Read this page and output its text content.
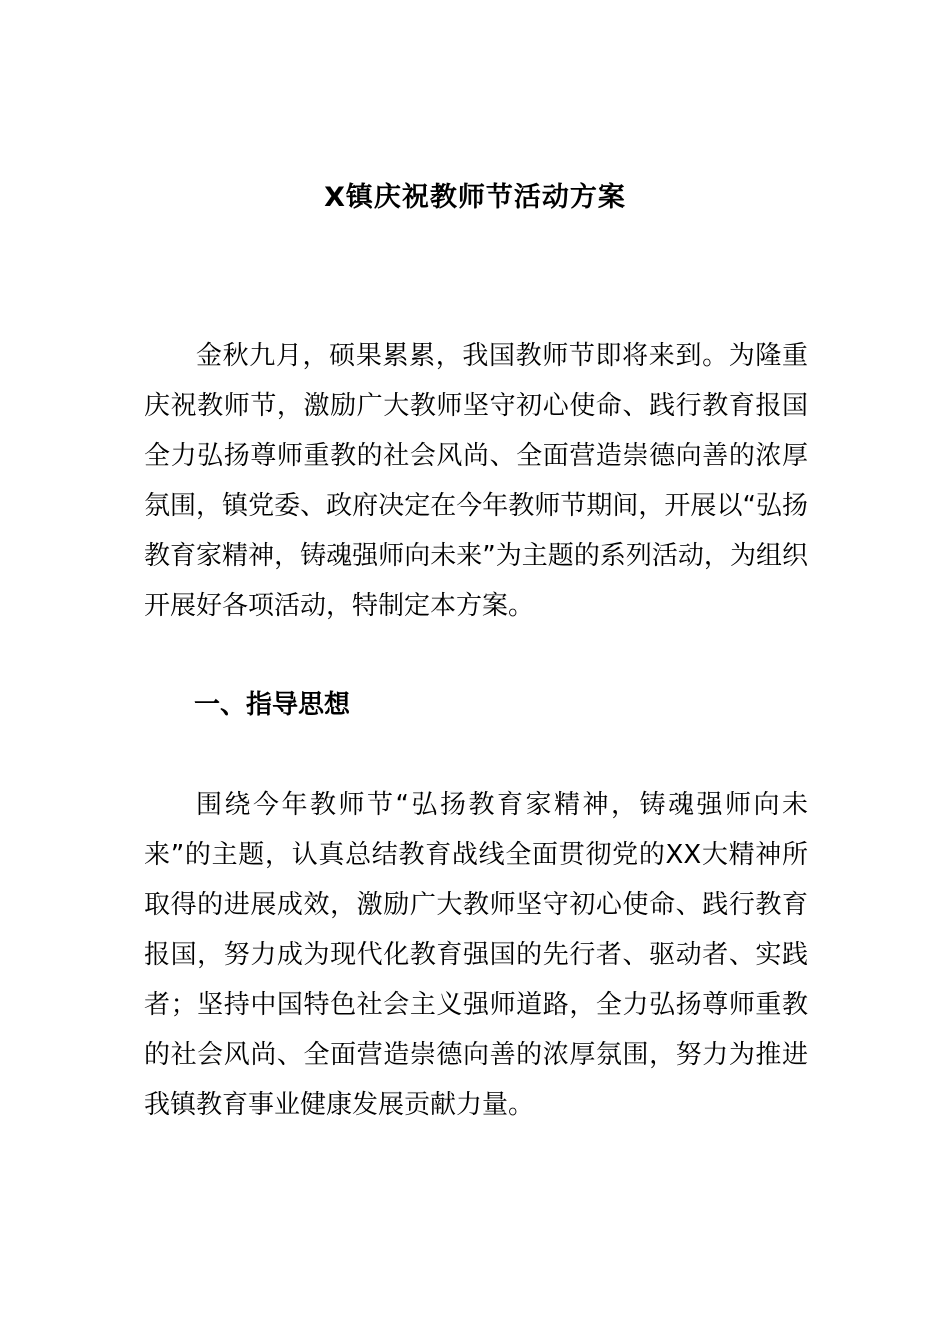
X镇庆祝教师节活动方案

金秋九月，硕果累累，我国教师节即将来到。为隆重庆祝教师节，激励广大教师坚守初心使命、践行教育报国全力弘扬尊师重教的社会风尚、全面营造崇德向善的浓厚氛围，镇党委、政府决定在今年教师节期间，开展以“弘扬教育家精神，铸魂强师向未来”为主题的系列活动，为组织开展好各项活动，特制定本方案。

一、指导思想

围绕今年教师节“弘扬教育家精神，铸魂强师向未来”的主题，认真总结教育战线全面贯彻党的XX大精神所取得的进展成效，激励广大教师坚守初心使命、践行教育报国，努力成为现代化教育强国的先行者、驱动者、实践者；坚持中国特色社会主义强师道路，全力弘扬尊师重教的社会风尚、全面营造崇德向善的浓厚氛围，努力为推进我镇教育事业健康发展贡献力量。
